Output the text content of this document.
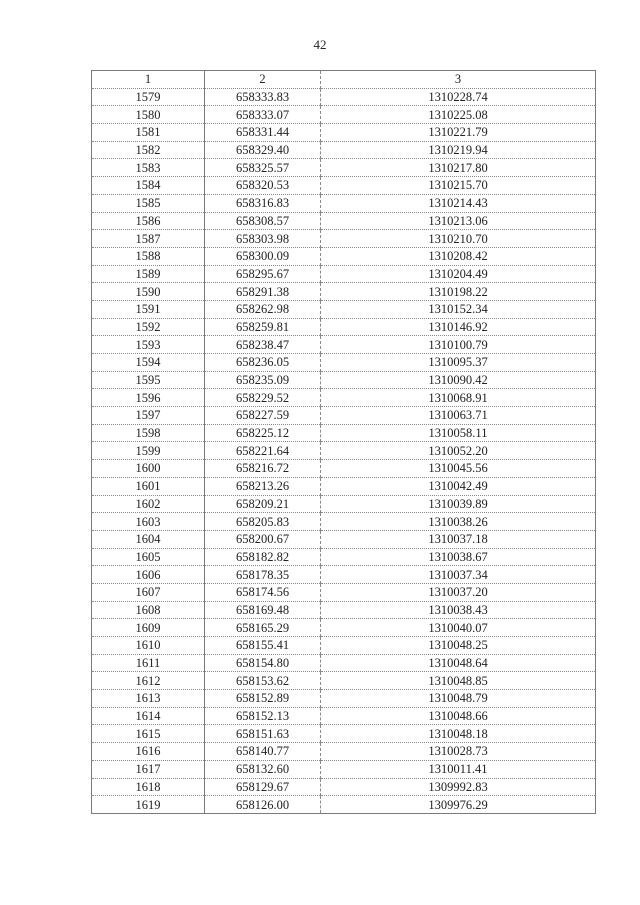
42
1	2	3
1579	658333.83	1310228.74
1580	658333.07	1310225.08
1581	658331.44	1310221.79
1582	658329.40	1310219.94
1583	658325.57	1310217.80
1584	658320.53	1310215.70
1585	658316.83	1310214.43
1586	658308.57	1310213.06
1587	658303.98	1310210.70
1588	658300.09	1310208.42
1589	658295.67	1310204.49
1590	658291.38	1310198.22
1591	658262.98	1310152.34
1592	658259.81	1310146.92
1593	658238.47	1310100.79
1594	658236.05	1310095.37
1595	658235.09	1310090.42
1596	658229.52	1310068.91
1597	658227.59	1310063.71
1598	658225.12	1310058.11
1599	658221.64	1310052.20
1600	658216.72	1310045.56
1601	658213.26	1310042.49
1602	658209.21	1310039.89
1603	658205.83	1310038.26
1604	658200.67	1310037.18
1605	658182.82	1310038.67
1606	658178.35	1310037.34
1607	658174.56	1310037.20
1608	658169.48	1310038.43
1609	658165.29	1310040.07
1610	658155.41	1310048.25
1611	658154.80	1310048.64
1612	658153.62	1310048.85
1613	658152.89	1310048.79
1614	658152.13	1310048.66
1615	658151.63	1310048.18
1616	658140.77	1310028.73
1617	658132.60	1310011.41
1618	658129.67	1309992.83
1619	658126.00	1309976.29
